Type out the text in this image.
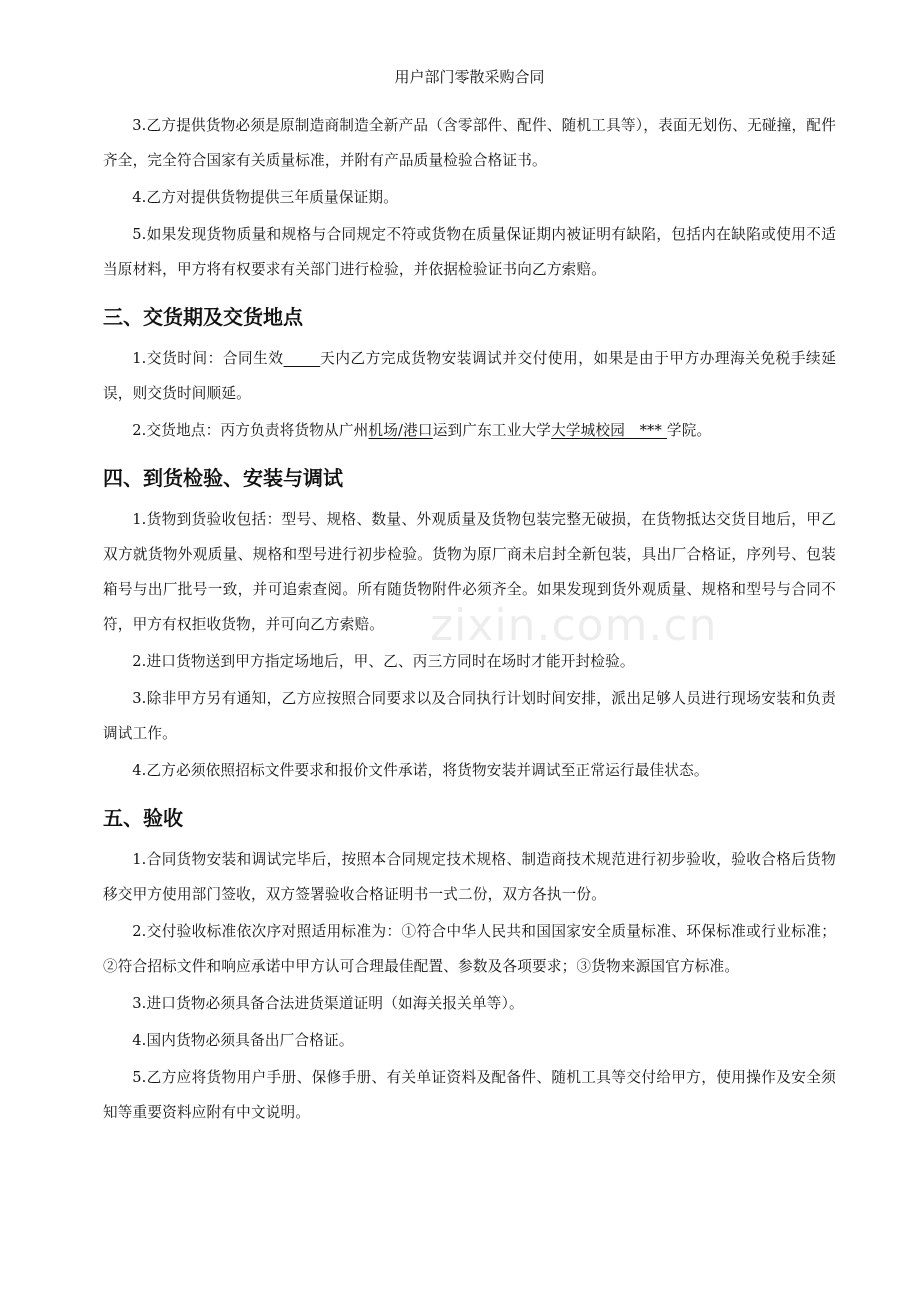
zixin.com.cn
用户部门零散采购合同

3.乙方提供货物必须是原制造商制造全新产品（含零部件、配件、随机工具等），表面无划伤、无碰撞，配件齐全，完全符合国家有关质量标准，并附有产品质量检验合格证书。

4.乙方对提供货物提供三年质量保证期。

5.如果发现货物质量和规格与合同规定不符或货物在质量保证期内被证明有缺陷，包括内在缺陷或使用不适当原材料，甲方将有权要求有关部门进行检验，并依据检验证书向乙方索赔。

三、交货期及交货地点

1.交货时间：合同生效	天内乙方完成货物安装调试并交付使用，如果是由于甲方办理海关免税手续延误，则交货时间顺延。

2.交货地点：丙方负责将货物从广州机场/港口运到广东工业大学大学城校园   *** 学院。

四、到货检验、安装与调试

1.货物到货验收包括：型号、规格、数量、外观质量及货物包装完整无破损，在货物抵达交货目地后，甲乙双方就货物外观质量、规格和型号进行初步检验。货物为原厂商未启封全新包装，具出厂合格证，序列号、包装箱号与出厂批号一致，并可追索查阅。所有随货物附件必须齐全。如果发现到货外观质量、规格和型号与合同不符，甲方有权拒收货物，并可向乙方索赔。

2.进口货物送到甲方指定场地后，甲、乙、丙三方同时在场时才能开封检验。

3.除非甲方另有通知，乙方应按照合同要求以及合同执行计划时间安排，派出足够人员进行现场安装和负责调试工作。

4.乙方必须依照招标文件要求和报价文件承诺，将货物安装并调试至正常运行最佳状态。

五、验收

1.合同货物安装和调试完毕后，按照本合同规定技术规格、制造商技术规范进行初步验收，验收合格后货物移交甲方使用部门签收，双方签署验收合格证明书一式二份，双方各执一份。

2.交付验收标准依次序对照适用标准为：①符合中华人民共和国国家安全质量标准、环保标准或行业标准；②符合招标文件和响应承诺中甲方认可合理最佳配置、参数及各项要求；③货物来源国官方标准。

3.进口货物必须具备合法进货渠道证明（如海关报关单等）。

4.国内货物必须具备出厂合格证。

5.乙方应将货物用户手册、保修手册、有关单证资料及配备件、随机工具等交付给甲方，使用操作及安全须知等重要资料应附有中文说明。
